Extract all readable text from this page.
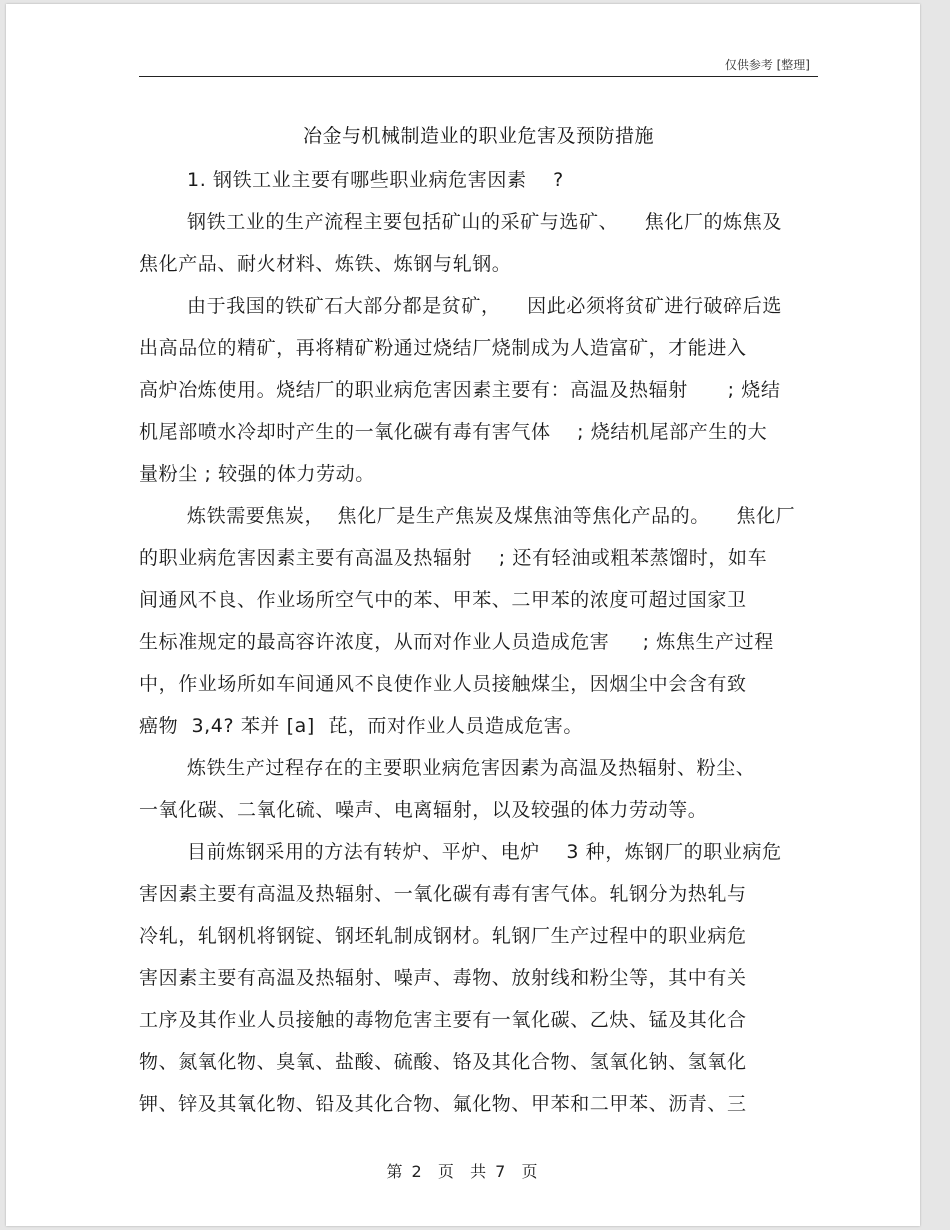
仅供参考 [整理]
冶金与机械制造业的职业危害及预防措施
1. 钢铁工业主要有哪些职业病危害因素    ?
钢铁工业的生产流程主要包括矿山的采矿与选矿、    焦化厂的炼焦及
焦化产品、耐火材料、炼铁、炼钢与轧钢。
由于我国的铁矿石大部分都是贫矿，    因此必须将贫矿进行破碎后选
出高品位的精矿，再将精矿粉通过烧结厂烧制成为人造富矿，才能进入
高炉冶炼使用。烧结厂的职业病危害因素主要有：高温及热辐射      ; 烧结
机尾部喷水冷却时产生的一氧化碳有毒有害气体    ; 烧结机尾部产生的大
量粉尘 ; 较强的体力劳动。
炼铁需要焦炭，  焦化厂是生产焦炭及煤焦油等焦化产品的。    焦化厂
的职业病危害因素主要有高温及热辐射    ; 还有轻油或粗苯蒸馏时，如车
间通风不良、作业场所空气中的苯、甲苯、二甲苯的浓度可超过国家卫
生标准规定的最高容许浓度，从而对作业人员造成危害     ; 炼焦生产过程
中，作业场所如车间通风不良使作业人员接触煤尘，因烟尘中会含有致
癌物  3,4? 苯并 [a]  芘，而对作业人员造成危害。
炼铁生产过程存在的主要职业病危害因素为高温及热辐射、粉尘、
一氧化碳、二氧化硫、噪声、电离辐射，以及较强的体力劳动等。
目前炼钢采用的方法有转炉、平炉、电炉    3 种，炼钢厂的职业病危
害因素主要有高温及热辐射、一氧化碳有毒有害气体。轧钢分为热轧与
冷轧，轧钢机将钢锭、钢坯轧制成钢材。轧钢厂生产过程中的职业病危
害因素主要有高温及热辐射、噪声、毒物、放射线和粉尘等，其中有关
工序及其作业人员接触的毒物危害主要有一氧化碳、乙炔、锰及其化合
物、氮氧化物、臭氧、盐酸、硫酸、铬及其化合物、氢氧化钠、氢氧化
钾、锌及其氧化物、铅及其化合物、氟化物、甲苯和二甲苯、沥青、三
第 2  页  共 7  页
